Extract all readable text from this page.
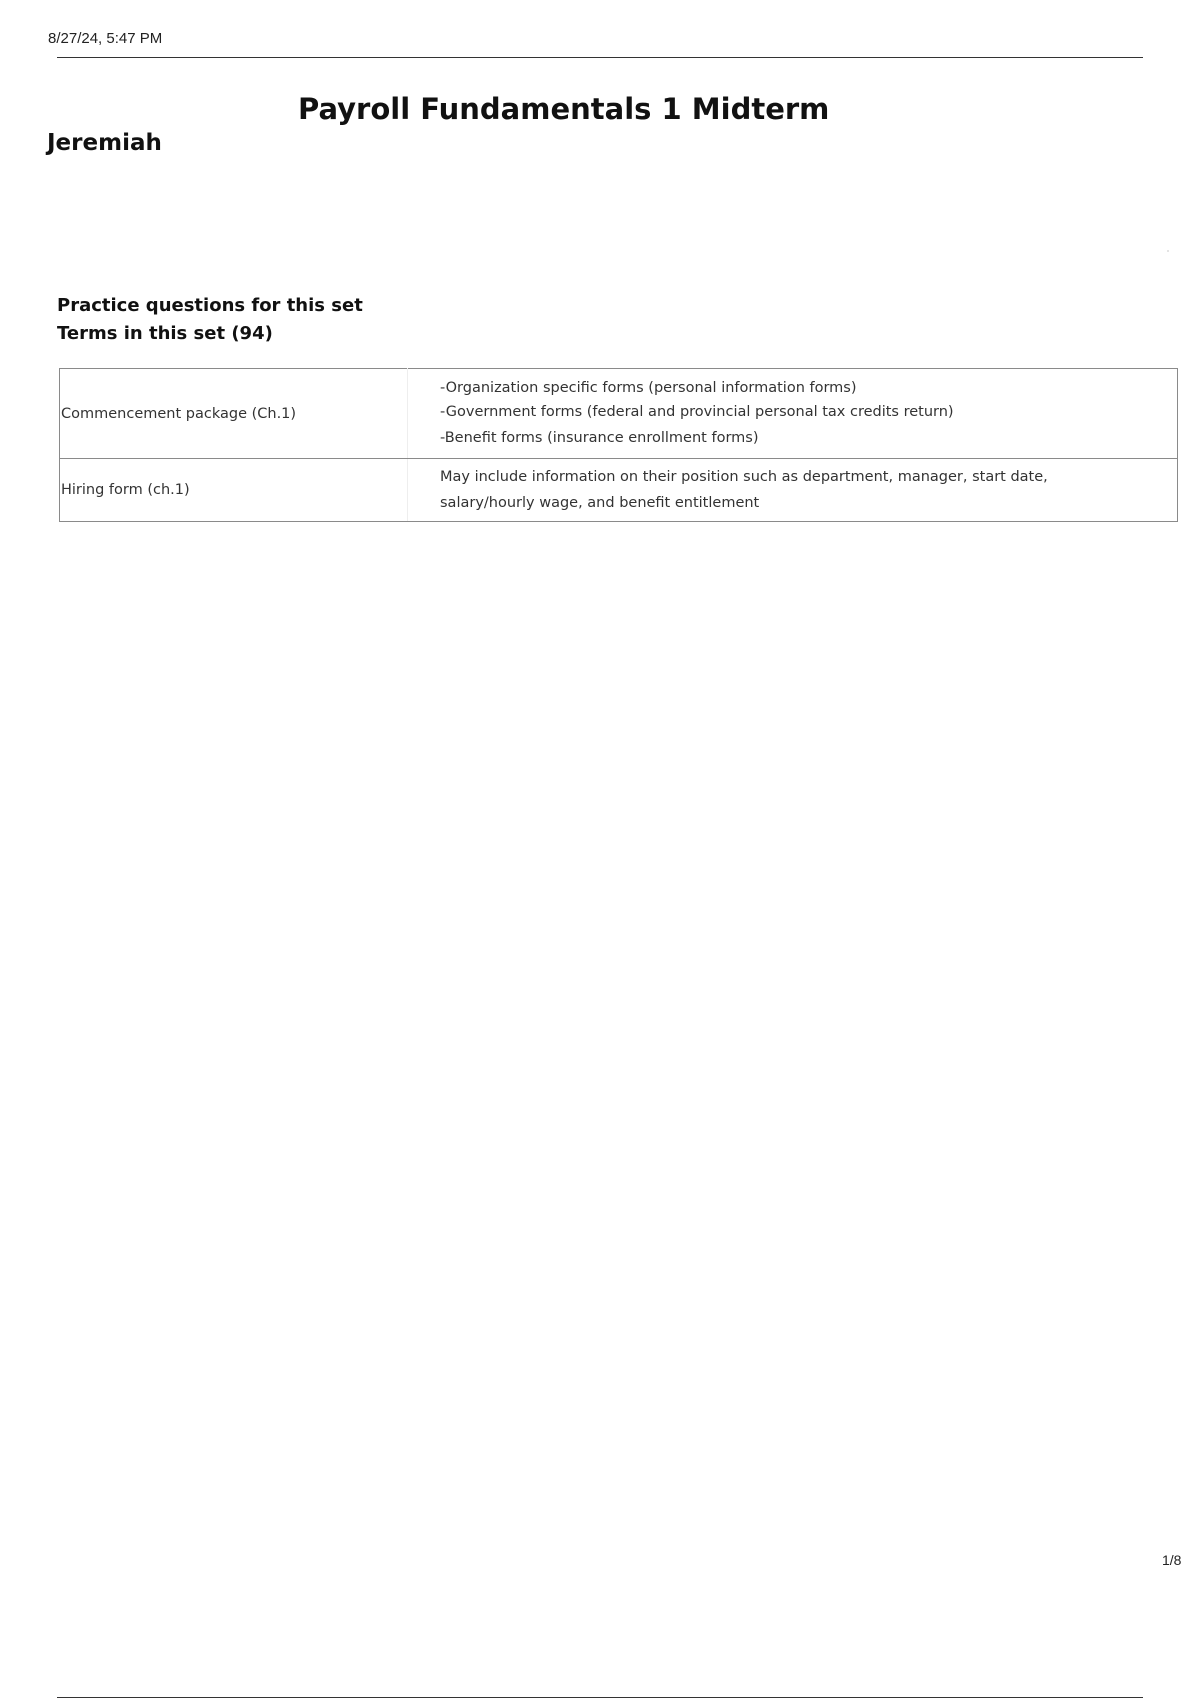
8/27/24, 5:47 PM
Payroll Fundamentals 1 Midterm
Jeremiah
Practice questions for this set
Terms in this set (94)
Commencement package (Ch.1)	-Organization specific forms (personal information forms)
-Government forms (federal and provincial personal tax credits return)
-Benefit forms (insurance enrollment forms)

Hiring form (ch.1)	May include information on their position such as department, manager, start date,
salary/hourly wage, and benefit entitlement
1/8
